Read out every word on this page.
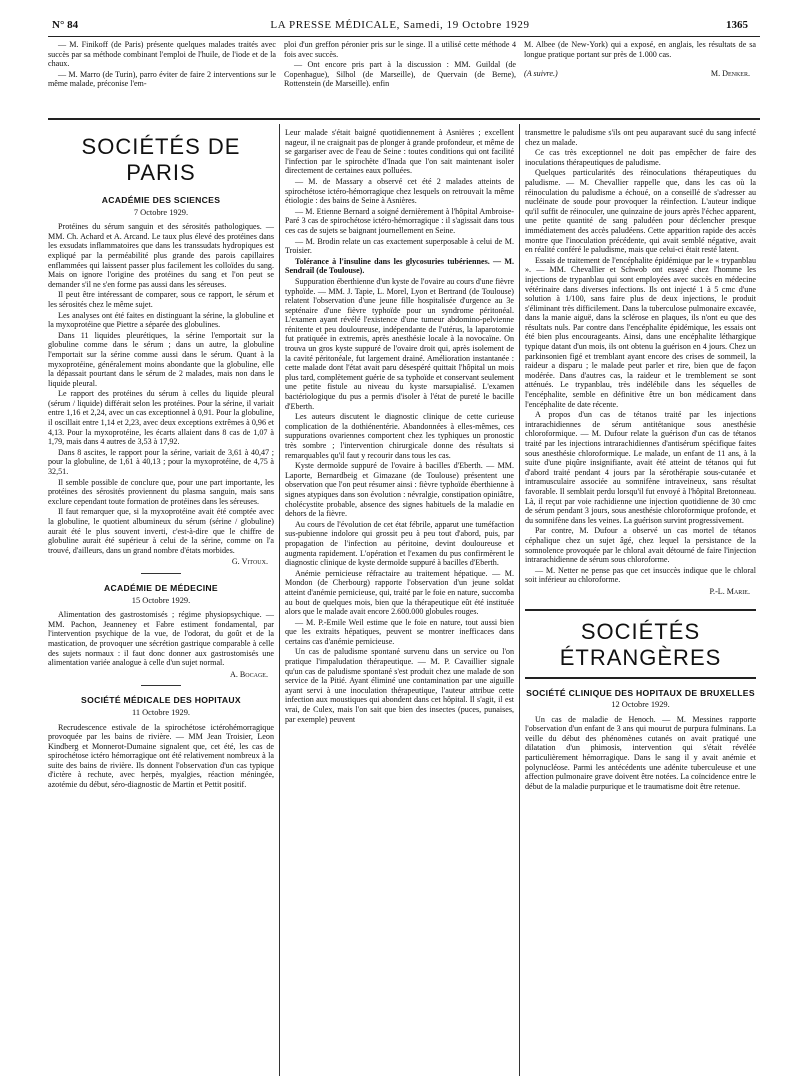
N° 84	LA PRESSE MÉDICALE, Samedi, 19 Octobre 1929	1365

— M. Finikoff (de Paris) présente quelques malades traités avec succès par sa méthode combinant l'emploi de l'huile, de l'iode et de la chaux.

— M. Marro (de Turin), parro éviter de faire 2 interventions sur le même malade, préconise l'em-

ploi d'un greffon péronier pris sur le singe. Il a utilisé cette méthode 4 fois avec succès.

— Ont encore pris part à la discussion : MM. Guildal (de Copenhague), Silhol (de Marseille), de Quervain (de Berne), Rottenstein (de Marseille). enfin

M. Albee (de New-York) qui a exposé, en anglais, les résultats de sa longue pratique portant sur près de 1.000 cas.

(A suivre.)	M. Denker.
SOCIÉTÉS DE PARIS
ACADÉMIE DES SCIENCES
7 Octobre 1929.

Protéines du sérum sanguin et des sérosités pathologiques. — MM. Ch. Achard et A. Arcand. Le taux plus élevé des protéines dans les exsudats inflammatoires que dans les transsudats hydropiques est expliqué par la perméabilité plus grande des parois capillaires enflammées qui laissent passer plus facilement les colloïdes du sang. Mais on ignore l'origine des protéines du sang et l'on peut se demander s'il ne s'en forme pas aussi dans les séreuses.

Il peut être intéressant de comparer, sous ce rapport, le sérum et les sérosités chez le même sujet.

Les analyses ont été faites en distinguant la sérine, la globuline et la myxoprotéine que Piettre a séparée des globulines.

Dans 11 liquides pleurétiques, la sérine l'emportait sur la globuline comme dans le sérum ; dans un autre, la globuline l'emportait sur la sérine comme aussi dans le sérum. Quant à la myxoprotéine, généralement moins abondante que la globuline, elle la dépassait pourtant dans le sérum de 2 malades, mais non dans le liquide pleural.

Le rapport des protéines du sérum à celles du liquide pleural (sérum / liquide) différait selon les protéines. Pour la sérine, il variait entre 1,16 et 2,24, avec un cas exceptionnel à 0,91. Pour la globuline, il oscillait entre 1,14 et 2,23, avec deux exceptions extrêmes à 0,96 et 4,13. Pour la myxoprotéine, les écarts allaient dans 8 cas de 1,07 à 1,79, mais dans 4 autres de 3,53 à 17,92.

Dans 8 ascites, le rapport pour la sérine, variait de 3,61 à 40,47 ; pour la globuline, de 1,61 à 40,13 ; pour la myxoprotéine, de 4,75 à 32,51.

Il semble possible de conclure que, pour une part importante, les protéines des sérosités proviennent du plasma sanguin, mais sans exclure cependant toute formation de protéines dans les séreuses.

Il faut remarquer que, si la myxoprotéine avait été comptée avec la globuline, le quotient albumineux du sérum (sérine / globuline) aurait été le plus souvent inverti, c'est-à-dire que le chiffre de globuline aurait été supérieur à celui de la sérine, comme on l'a trouvé, d'ailleurs, dans un grand nombre d'états morbides.

G. Vitoux.
ACADÉMIE DE MÉDECINE
15 Octobre 1929.

Alimentation des gastrostomisés ; régime physiopsychique. — MM. Pachon, Jeanneney et Fabre estiment fondamental, par l'intervention psychique de la vue, de l'odorat, du goût et de la mastication, de provoquer une sécrétion gastrique comparable à celle des sujets normaux : il faut donc donner aux gastrostomisés une alimentation variée analogue à celle d'un sujet normal.

A. Bocage.
SOCIÉTÉ MÉDICALE DES HOPITAUX
11 Octobre 1929.

Recrudescence estivale de la spirochétose ictérohémorragique provoquée par les bains de rivière. — MM Jean Troisier, Leon Kindberg et Monnerot-Dumaine signalent que, cet été, les cas de spirochétose ictéro hémorragique ont été relativement nombreux à la suite des bains de rivière. Ils donnent l'observation d'un cas typique d'ictère à rechute, avec herpès, myalgies, réaction méningée, azotémie du début, séro-diagnostic de Martin et Pettit positif.

Leur malade s'était baigné quotidiennement à Asnières ; excellent nageur, il ne craignait pas de plonger à grande profondeur, et même de se gargariser avec de l'eau de Seine : toutes conditions qui ont facilité l'infection par le spirochète d'Inada que l'on sait maintenant isoler directement de certaines eaux polluées.

— M. de Massary a observé cet été 2 malades atteints de spirochétose ictéro-hémorragique chez lesquels on retrouvait la même étiologie : des bains de Seine à Asnières.

— M. Etienne Bernard a soigné dernièrement à l'hôpital Ambroise-Paré 3 cas de spirochétose ictéro-hémorragique : il s'agissait dans tous ces cas de sujets se baignant journellement en Seine.

— M. Brodin relate un cas exactement superposable à celui de M. Troisier.

Tolérance à l'insuline dans les glycosuries tubériennes. — M. Sendrail (de Toulouse).

Suppuration éberthienne d'un kyste de l'ovaire au cours d'une fièvre typhoïde. — MM. J. Tapie, L. Morel, Lyon et Bertrand (de Toulouse) relatent l'observation d'une jeune fille hospitalisée d'urgence au 3e septénaire d'une fièvre typhoïde pour un syndrome péritonéal. L'examen ayant révélé l'existence d'une tumeur abdomino-pelvienne rénitente et peu douloureuse, indépendante de l'utérus, la laparotomie fut pratiquée in extremis, après anesthésie locale à la novocaïne. On trouva un gros kyste suppuré de l'ovaire droit qui, après isolement de la cavité péritonéale, fut largement drainé. Amélioration instantanée : cette malade dont l'état avait paru désespéré quittait l'hôpital un mois plus tard, complètement guérie de sa typhoïde et conservant seulement une petite fistule au niveau du kyste marsupialisé. L'examen bactériologique du pus a permis d'isoler à l'état de pureté le bacille d'Eberth.

Les auteurs discutent le diagnostic clinique de cette curieuse complication de la dothiénentérie. Abandonnées à elles-mêmes, ces suppurations ovariennes comportent chez les typhiques un pronostic très sombre ; l'intervention chirurgicale donne des résultats si remarquables qu'il faut y recourir dans tous les cas.

Kyste dermoïde suppuré de l'ovaire à bacilles d'Eberth. — MM. Laporte, Bernardbeig et Gimazane (de Toulouse) présentent une observation que l'on peut résumer ainsi : fièvre typhoïde éberthienne à signes atypiques dans son évolution : névralgie, constipation opiniâtre, cholécystite probable, absence des signes habituels de la maladie en dehors de la fièvre.

Au cours de l'évolution de cet état fébrile, apparut une tuméfaction sus-pubienne indolore qui grossit peu à peu tout d'abord, puis, par propagation de l'infection au péritoine, devint douloureuse et augmenta rapidement. L'opération et l'examen du pus confirmèrent le diagnostic clinique de kyste dermoïde suppuré à bacilles d'Eberth.

Anémie pernicieuse réfractaire au traitement hépatique. — M. Mondon (de Cherbourg) rapporte l'observation d'un jeune soldat atteint d'anémie pernicieuse, qui, traité par le foie en nature, succomba au bout de quelques mois, bien que la thérapeutique eût été instituée alors que le malade avait encore 2.600.000 globules rouges.

— M. P.-Emile Weil estime que le foie en nature, tout aussi bien que les extraits hépatiques, peuvent se montrer inefficaces dans certains cas d'anémie pernicieuse.

Un cas de paludisme spontané survenu dans un service ou l'on pratique l'impaludation thérapeutique. — M. P. Cavaillier signale qu'un cas de paludisme spontané s'est produit chez une malade de son service de la Pitié. Ayant éliminé une contamination par une aiguille ayant servi à une inoculation thérapeutique, l'auteur attribue cette infection aux moustiques qui abondent dans cet hôpital. Il s'agit, il est vrai, de Culex, mais l'on sait que bien des insectes (puces, punaises, par exemple) peuvent

transmettre le paludisme s'ils ont peu auparavant sucé du sang infecté chez un malade.

Ce cas très exceptionnel ne doit pas empêcher de faire des inoculations thérapeutiques de paludisme.

Quelques particularités des réinoculations thérapeutiques du paludisme. — M. Chevallier rappelle que, dans les cas où la réinoculation du paludisme a échoué, on a conseillé de s'adresser au nucléinate de soude pour provoquer la réinfection. L'auteur indique qu'il suffit de réinoculer, une quinzaine de jours après l'échec apparent, une petite quantité de sang paludéen pour déclencher presque immédiatement des accès paludéens. Cette apparition rapide des accès montre que l'inoculation précédente, qui avait semblé négative, avait en réalité conféré le paludisme, mais que celui-ci était resté latent.

Essais de traitement de l'encéphalite épidémique par le « trypanblau ». — MM. Chevallier et Schwob ont essayé chez l'homme les injections de trypanblau qui sont employées avec succès en médecine vétérinaire dans diverses infections. Ils ont injecté 1 à 5 cmc d'une solution à 1/100, sans faire plus de deux injections, le produit s'éliminant très difficilement. Dans la tuberculose pulmonaire excavée, dans la manie aiguë, dans la sclérose en plaques, ils n'ont eu que des résultats nuls. Par contre dans l'encéphalite épidémique, les essais ont été bien plus encourageants. Ainsi, dans une encéphalite léthargique typique datant d'un mois, ils ont obtenu la guérison en 4 jours. Chez un parkinsonien figé et tremblant ayant encore des crises de sommeil, la raideur a disparu ; le malade peut parler et rire, bien que de façon modérée. Dans d'autres cas, la raideur et le tremblement se sont atténués. Le trypanblau, très indélébile dans les séquelles de l'encéphalite, semble en définitive être un bon médicament dans l'encéphalite de date récente.

A propos d'un cas de tétanos traité par les injections intrarachidiennes de sérum antitétanique sous anesthésie chloroformique. — M. Dufour relate la guérison d'un cas de tétanos traité par les injections intrarachidiennes d'antisérum spécifique faites sous anesthésie chloroformique. Le malade, un enfant de 11 ans, à la suite d'une piqûre insignifiante, avait été atteint de tétanos qui fut d'abord traité pendant 4 jours par la sérothérapie sous-cutanée et intramusculaire associée au somnifène intraveineux, sans résultat favorable. Il semblait perdu lorsqu'il fut envoyé à l'hôpital Bretonneau. Là, il reçut par voie rachidienne une injection quotidienne de 30 cmc de sérum pendant 3 jours, sous anesthésie chloroformique profonde, et du somnifène dans les veines. La guérison survint progressivement.

Par contre, M. Dufour a observé un cas mortel de tétanos céphalique chez un sujet âgé, chez lequel la persistance de la somnolence provoquée par le chloral avait détourné de faire l'injection intrarachidienne de sérum sous chloroforme.

— M. Netter ne pense pas que cet insuccès indique que le chloral soit inférieur au chloroforme.

P.-L. Marie.
SOCIÉTÉS ÉTRANGÈRES
SOCIÉTÉ CLINIQUE DES HOPITAUX DE BRUXELLES
12 Octobre 1929.

Un cas de maladie de Henoch. — M. Messines rapporte l'observation d'un enfant de 3 ans qui mourut de purpura fulminans. La veille du début des phénomènes cutanés on avait pratiqué une dilatation d'un phimosis, intervention qui s'était révélée particulièrement hémorragique. Dans le sang il y avait anémie et polynucléose. Parmi les antécédents une adénite tuberculeuse et une affection pulmonaire grave doivent être notées. La coïncidence entre le début de la maladie purpurique et le traumatisme doit être retenue.
